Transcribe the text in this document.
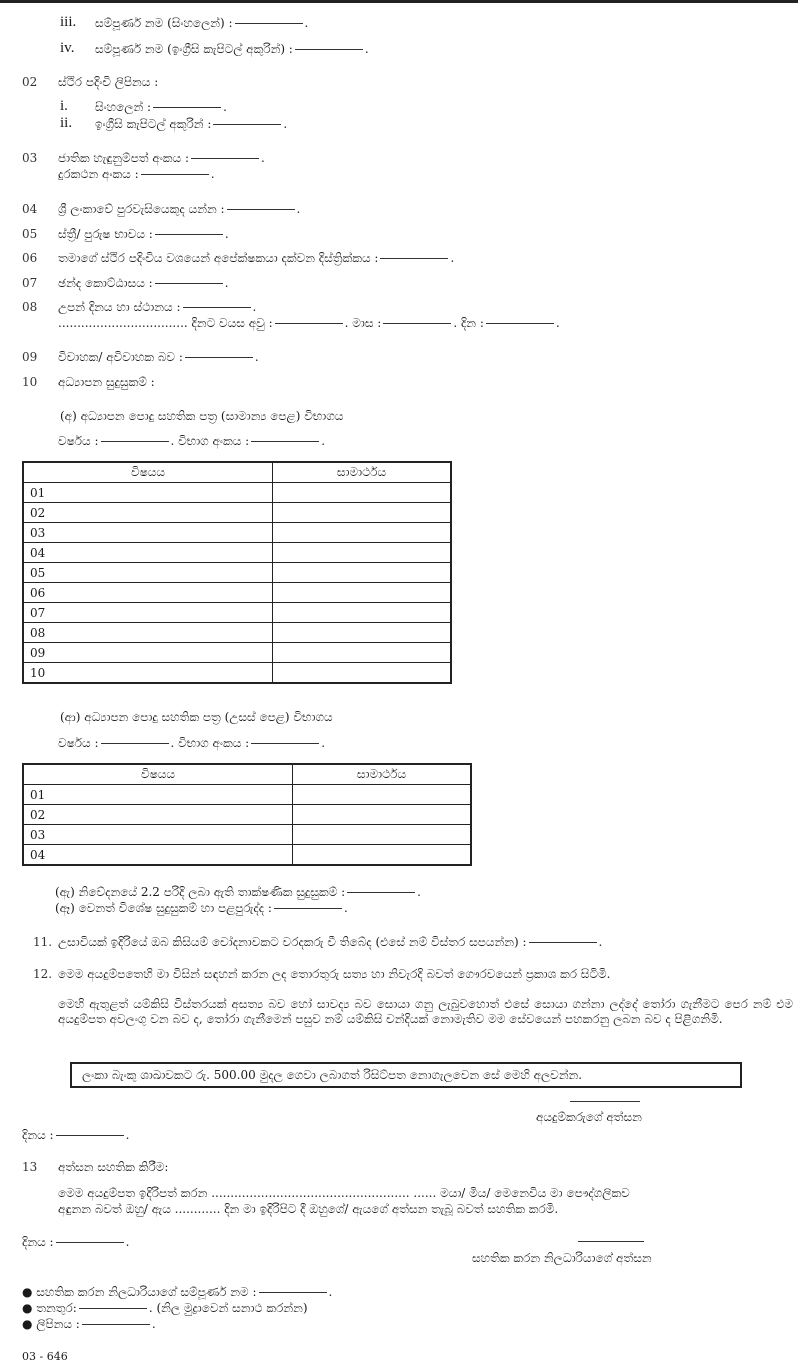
iii. සම්පූර්ණ නම (සිංහලෙන්) :	.
iv. සම්පූර්ණ නම (ඉංග්‍රීසි කැපිටල් අකුරින්) :	.
02 ස්ථිර පදිංචි ලිපිනය :
i. සිංහලෙන් :	.
ii. ඉංග්‍රීසි කැපිටල් අකුරින් :	.
03 ජාතික හැඳුනුම්පත් අංකය :	.
දුරකථන අංකය :	.
04 ශ්‍රී ලංකාවේ පුරවැසියෙකුද යන්න :	.
05 ස්ත්‍රී/ පුරුෂ භාවය :	.
06 තමාගේ ස්ථිර පදිංචිය වශයෙන් අපේක්ෂකයා දක්වන දිස්ත්‍රික්කය :	.
07 ඡන්ද කොට්ඨාසය :	.
08 උපන් දිනය හා ස්ථානය :	.
.................................. දිනට වයස අවු :	. මාස :	. දින :	.
09 විවාහක/ අවිවාහක බව :	.
10 අධ්‍යාපන සුදුසුකම් :
(අ) අධ්‍යාපන පොදු සහතික පත්‍ර (සාමාන්‍ය පෙළ) විභාගය
වර්ෂය :	. විභාග අංකය :	.
විෂයය	සාමාර්ථය
01	
02	
03	
04	
05	
06	
07	
08	
09	
10	
(ආ) අධ්‍යාපන පොදු සහතික පත්‍ර (උසස් පෙළ) විභාගය
වර්ෂය :	. විභාග අංකය :	.
විෂයය	සාමාර්ථය
01	
02	
03	
04	
(ඇ) නිවේදනයේ 2.2 පරිදි ලබා ඇති තාක්ෂණික සුදුසුකම් :	.
(ඈ) වෙනත් විශේෂ සුදුසුකම් හා පළපුරුද්ද :	.
11. උසාවියක් ඉදිරියේ ඔබ කිසියම් චෝදනාවකට වරදකරු වී තිබේද (එසේ නම් විස්තර සපයන්න) :	.
12. මෙම අයදුම්පතෙහි මා විසින් සඳහන් කරන ලද තොරතුරු සත්‍ය හා නිවැරදි බවත් ගෞරවයෙන් ප්‍රකාශ කර සිටිමි.
මෙහි ඇතුළත් යම්කිසි විස්තරයක් අසත්‍ය බව හෝ සාවද්‍ය බව සොයා ගනු ලැබුවහොත් එසේ සොයා ගන්නා ලද්දේ තෝරා ගැනීමට පෙර නම් එම අයදුම්පත අවලංගු වන බව ද, තෝරා ගැනීමෙන් පසුව නම් යම්කිසි චන්දියක් නොමැතිව මම සේවයෙන් පහකරනු ලබන බව ද පිළිගනිමි.
ලංකා බැංකු ශාඛාවකට රු. 500.00 මුදල ගෙවා ලබාගත් රිසිට්පත නොගැලවෙන සේ මෙහි අලවන්න.
අයදුම්කරුගේ අත්සන
දිනය :	.
13 අත්සන සහතික කිරීම:
මෙම අයදුම්පත ඉදිරිපත් කරන .................................................... ...... මයා/ මිය/ මෙනෙවිය මා පෞද්ගලිකව
අඳුනන බවත් ඔහු/ ඇය ............ දින මා ඉදිරිපිට දී ඔහුගේ/ ඇයගේ අත්සන තැබූ බවත් සහතික කරමි.
දිනය :	.
සහතික කරන නිලධාරියාගේ අත්සන
● සහතික කරන නිලධාරියාගේ සම්පූර්ණ නම :	.
● තනතුර:	. (නිල මුද්‍රාවෙන් සනාථ කරන්න)
● ලිපිනය :	.
03 - 646
